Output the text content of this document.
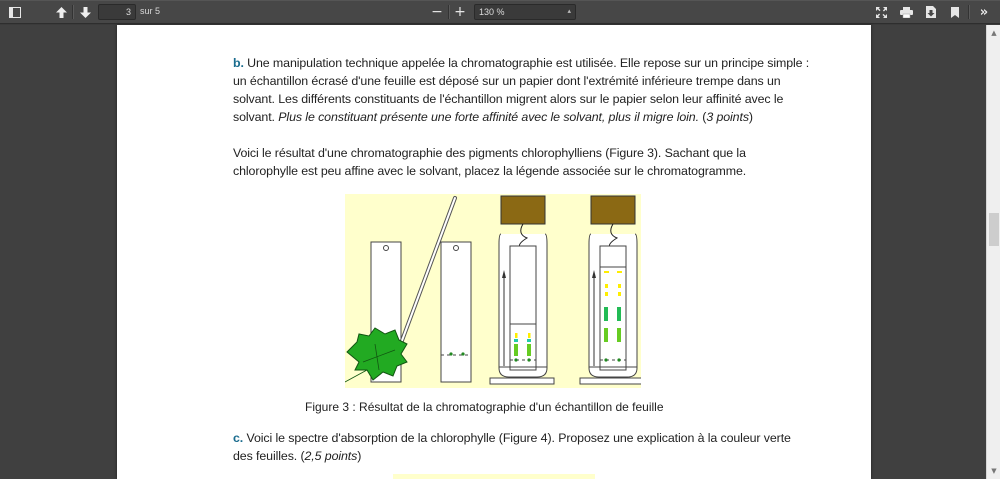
3	sur 5	− +	130 %	▴	»
b. Une manipulation technique appelée la chromatographie est utilisée. Elle repose sur un principe simple : un échantillon écrasé d'une feuille est déposé sur un papier dont l'extrémité inférieure trempe dans un solvant. Les différents constituants de l'échantillon migrent alors sur le papier selon leur affinité avec le solvant. Plus le constituant présente une forte affinité avec le solvant, plus il migre loin. (3 points)
Voici le résultat d'une chromatographie des pigments chlorophylliens (Figure 3). Sachant que la chlorophylle est peu affine avec le solvant, placez la légende associée sur le chromatogramme.
Figure 3 : Résultat de la chromatographie d'un échantillon de feuille
c. Voici le spectre d'absorption de la chlorophylle (Figure 4). Proposez une explication à la couleur verte des feuilles. (2,5 points)
▲
▼
